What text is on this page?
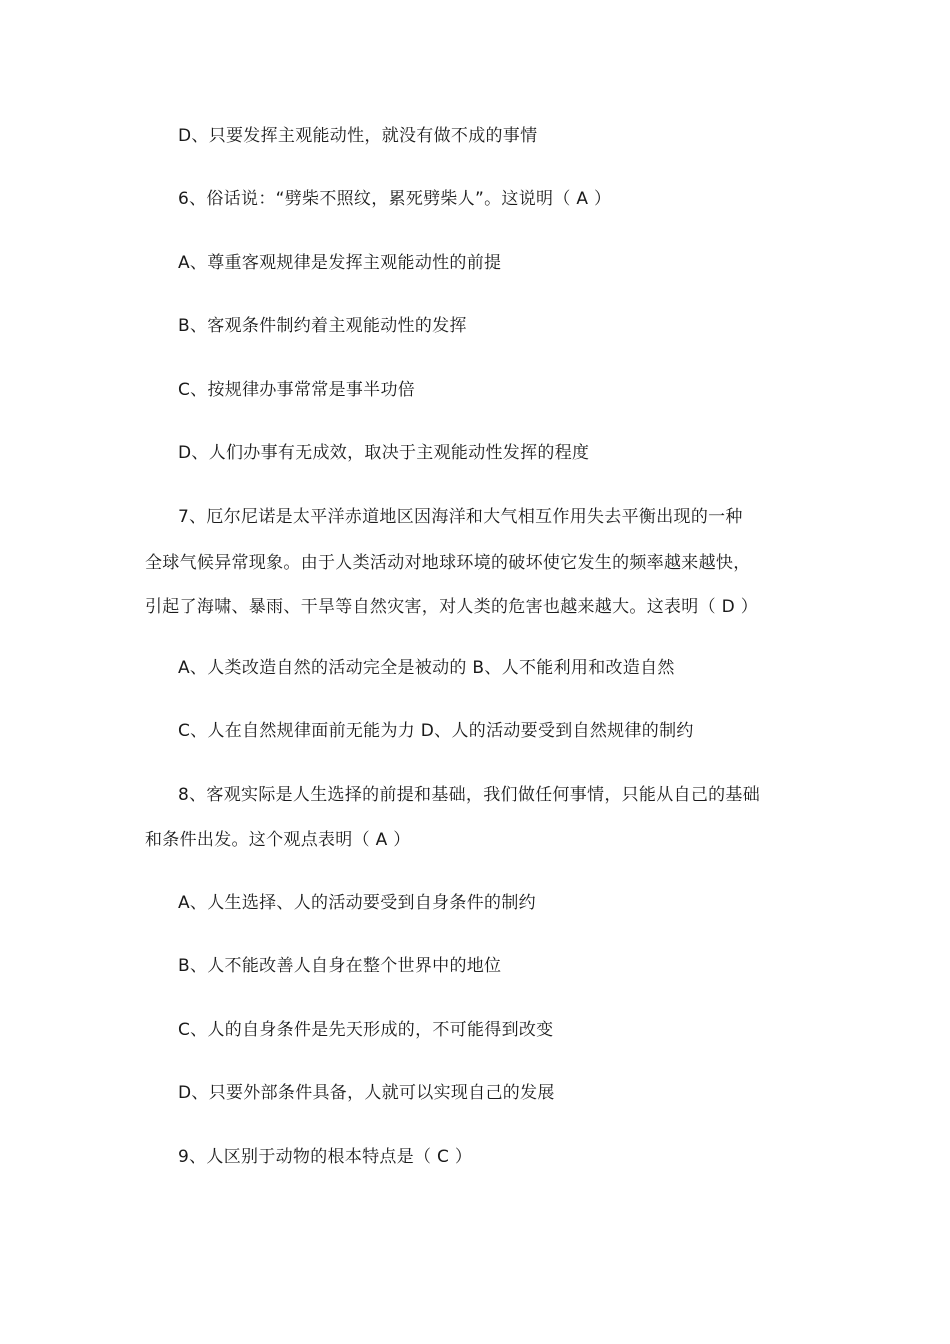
D、只要发挥主观能动性，就没有做不成的事情
6、俗话说：“劈柴不照纹，累死劈柴人”。这说明（ A ）
A、尊重客观规律是发挥主观能动性的前提
B、客观条件制约着主观能动性的发挥
C、按规律办事常常是事半功倍
D、人们办事有无成效，取决于主观能动性发挥的程度
7、厄尔尼诺是太平洋赤道地区因海洋和大气相互作用失去平衡出现的一种
全球气候异常现象。由于人类活动对地球环境的破坏使它发生的频率越来越快，
引起了海啸、暴雨、干旱等自然灾害，对人类的危害也越来越大。这表明（ D ）
A、人类改造自然的活动完全是被动的 B、人不能利用和改造自然
C、人在自然规律面前无能为力 D、人的活动要受到自然规律的制约
8、客观实际是人生选择的前提和基础，我们做任何事情，只能从自己的基础
和条件出发。这个观点表明（ A ）
A、人生选择、人的活动要受到自身条件的制约
B、人不能改善人自身在整个世界中的地位
C、人的自身条件是先天形成的，不可能得到改变
D、只要外部条件具备，人就可以实现自己的发展
9、人区别于动物的根本特点是（ C ）
